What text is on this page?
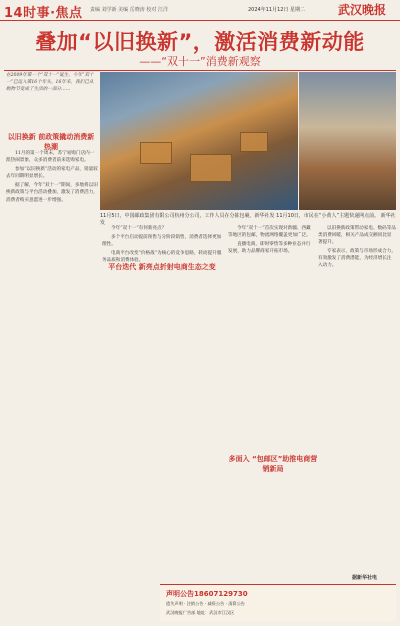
14时事·焦点 责编 刘学新 美编 岳晓涛 校对 江洋	2024年11月12日 星期二	武汉晚报
叠加“以旧换新”，激活消费新动能
——“双十一”消费新观察
在2009年第一个“双十一”诞生，今年“双十一”已迈入第16个年头。16年来，我们已从购物节变成了生活的一部分……
11月5日，中国邮政集团有限公司杭州分公司，工作人员在分拣包裹。新华社发 11月10日，市民在“小黄人”主题快递网点前。 新华社发
以旧换新 前政策撬动消费新热潮

11月的第一个周末，苏宁易购门店内一派热闹景象，众多消费者前来选购家电。

参加“以旧换新”活动的家电产品，销量较去年同期明显增长。

据了解，今年“双十一”期间，多地将以旧换新政策与平台活动叠加，激发了消费活力，消费者购买意愿进一步增强。

平台迭代 新亮点折射电商生态之变

今年“双十一”有何新亮点？

多个平台启动提前预售与分阶段销售，消费者选择更加理性。

电商平台改变“价格战”为核心的竞争思路，转而提升服务品质和消费体验。

多面入 “包邮区”助推电商营销新局

今年“双十一”首次实现对新疆、西藏等地区的包邮，物流网络覆盖更加广泛。

直播电商、即时零售等多种业态并行发展，助力品牌商家开拓市场。

以旧换新政策带动家电、数码等品类消费回暖，相关产品成交额同比显著提升。

专家表示，政策与市场形成合力，有效激发了消费潜能，为经济增长注入动力。

据新华社电
声明公告18607129730
遗失声明 · 注销公告 · 减资公告 · 清算公告
武汉晚报广告部 地址：武汉市江汉区
